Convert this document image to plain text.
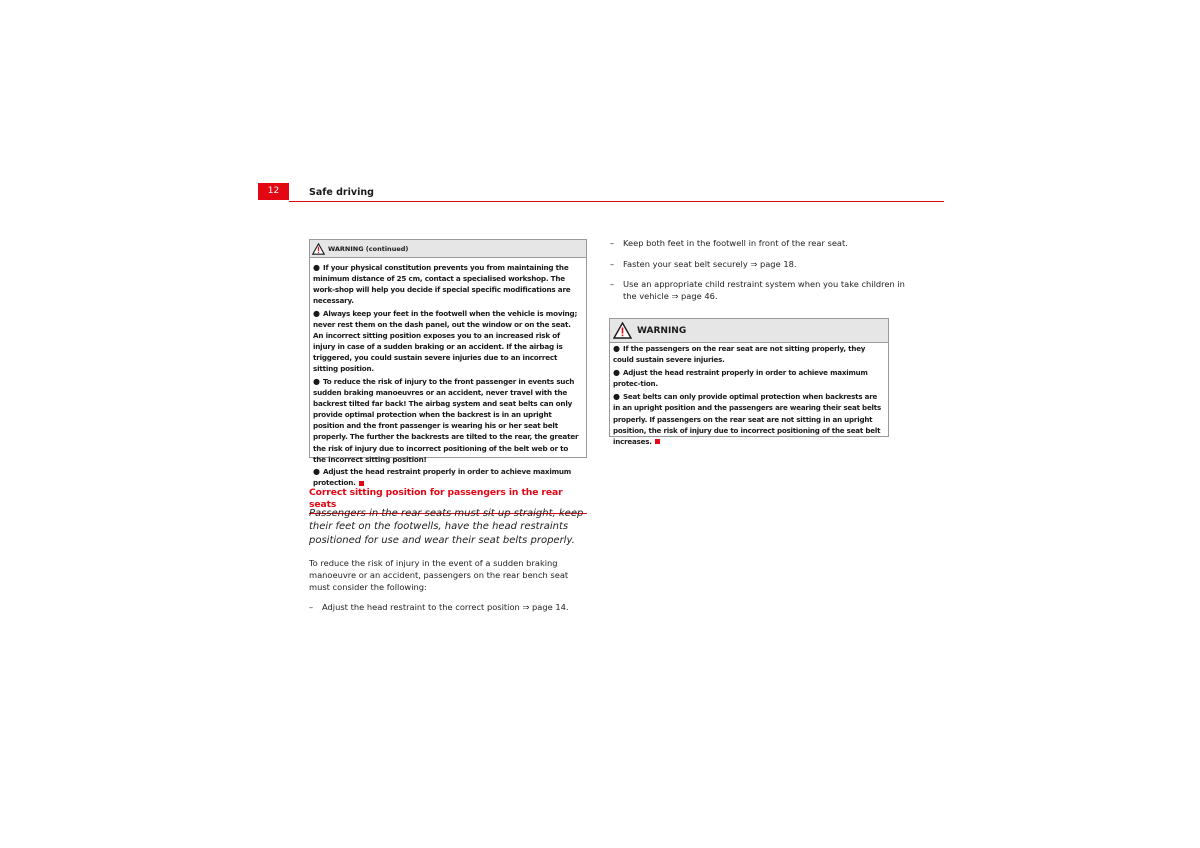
12	Safe driving
WARNING (continued)
● If your physical constitution prevents you from maintaining the minimum distance of 25 cm, contact a specialised workshop. The work-shop will help you decide if special specific modifications are necessary.
● Always keep your feet in the footwell when the vehicle is moving; never rest them on the dash panel, out the window or on the seat. An incorrect sitting position exposes you to an increased risk of injury in case of a sudden braking or an accident. If the airbag is triggered, you could sustain severe injuries due to an incorrect sitting position.
● To reduce the risk of injury to the front passenger in events such sudden braking manoeuvres or an accident, never travel with the backrest tilted far back! The airbag system and seat belts can only provide optimal protection when the backrest is in an upright position and the front passenger is wearing his or her seat belt properly. The further the backrests are tilted to the rear, the greater the risk of injury due to incorrect positioning of the belt web or to the incorrect sitting position!
● Adjust the head restraint properly in order to achieve maximum protection.
Correct sitting position for passengers in the rear seats
Passengers in the rear seats must sit up straight, keep their feet on the footwells, have the head restraints positioned for use and wear their seat belts properly.
To reduce the risk of injury in the event of a sudden braking manoeuvre or an accident, passengers on the rear bench seat must consider the following:
– Adjust the head restraint to the correct position ⇒ page 14.
– Keep both feet in the footwell in front of the rear seat.
– Fasten your seat belt securely ⇒ page 18.
– Use an appropriate child restraint system when you take children in the vehicle ⇒ page 46.
WARNING
● If the passengers on the rear seat are not sitting properly, they could sustain severe injuries.
● Adjust the head restraint properly in order to achieve maximum protec-tion.
● Seat belts can only provide optimal protection when backrests are in an upright position and the passengers are wearing their seat belts properly. If passengers on the rear seat are not sitting in an upright position, the risk of injury due to incorrect positioning of the seat belt increases.
